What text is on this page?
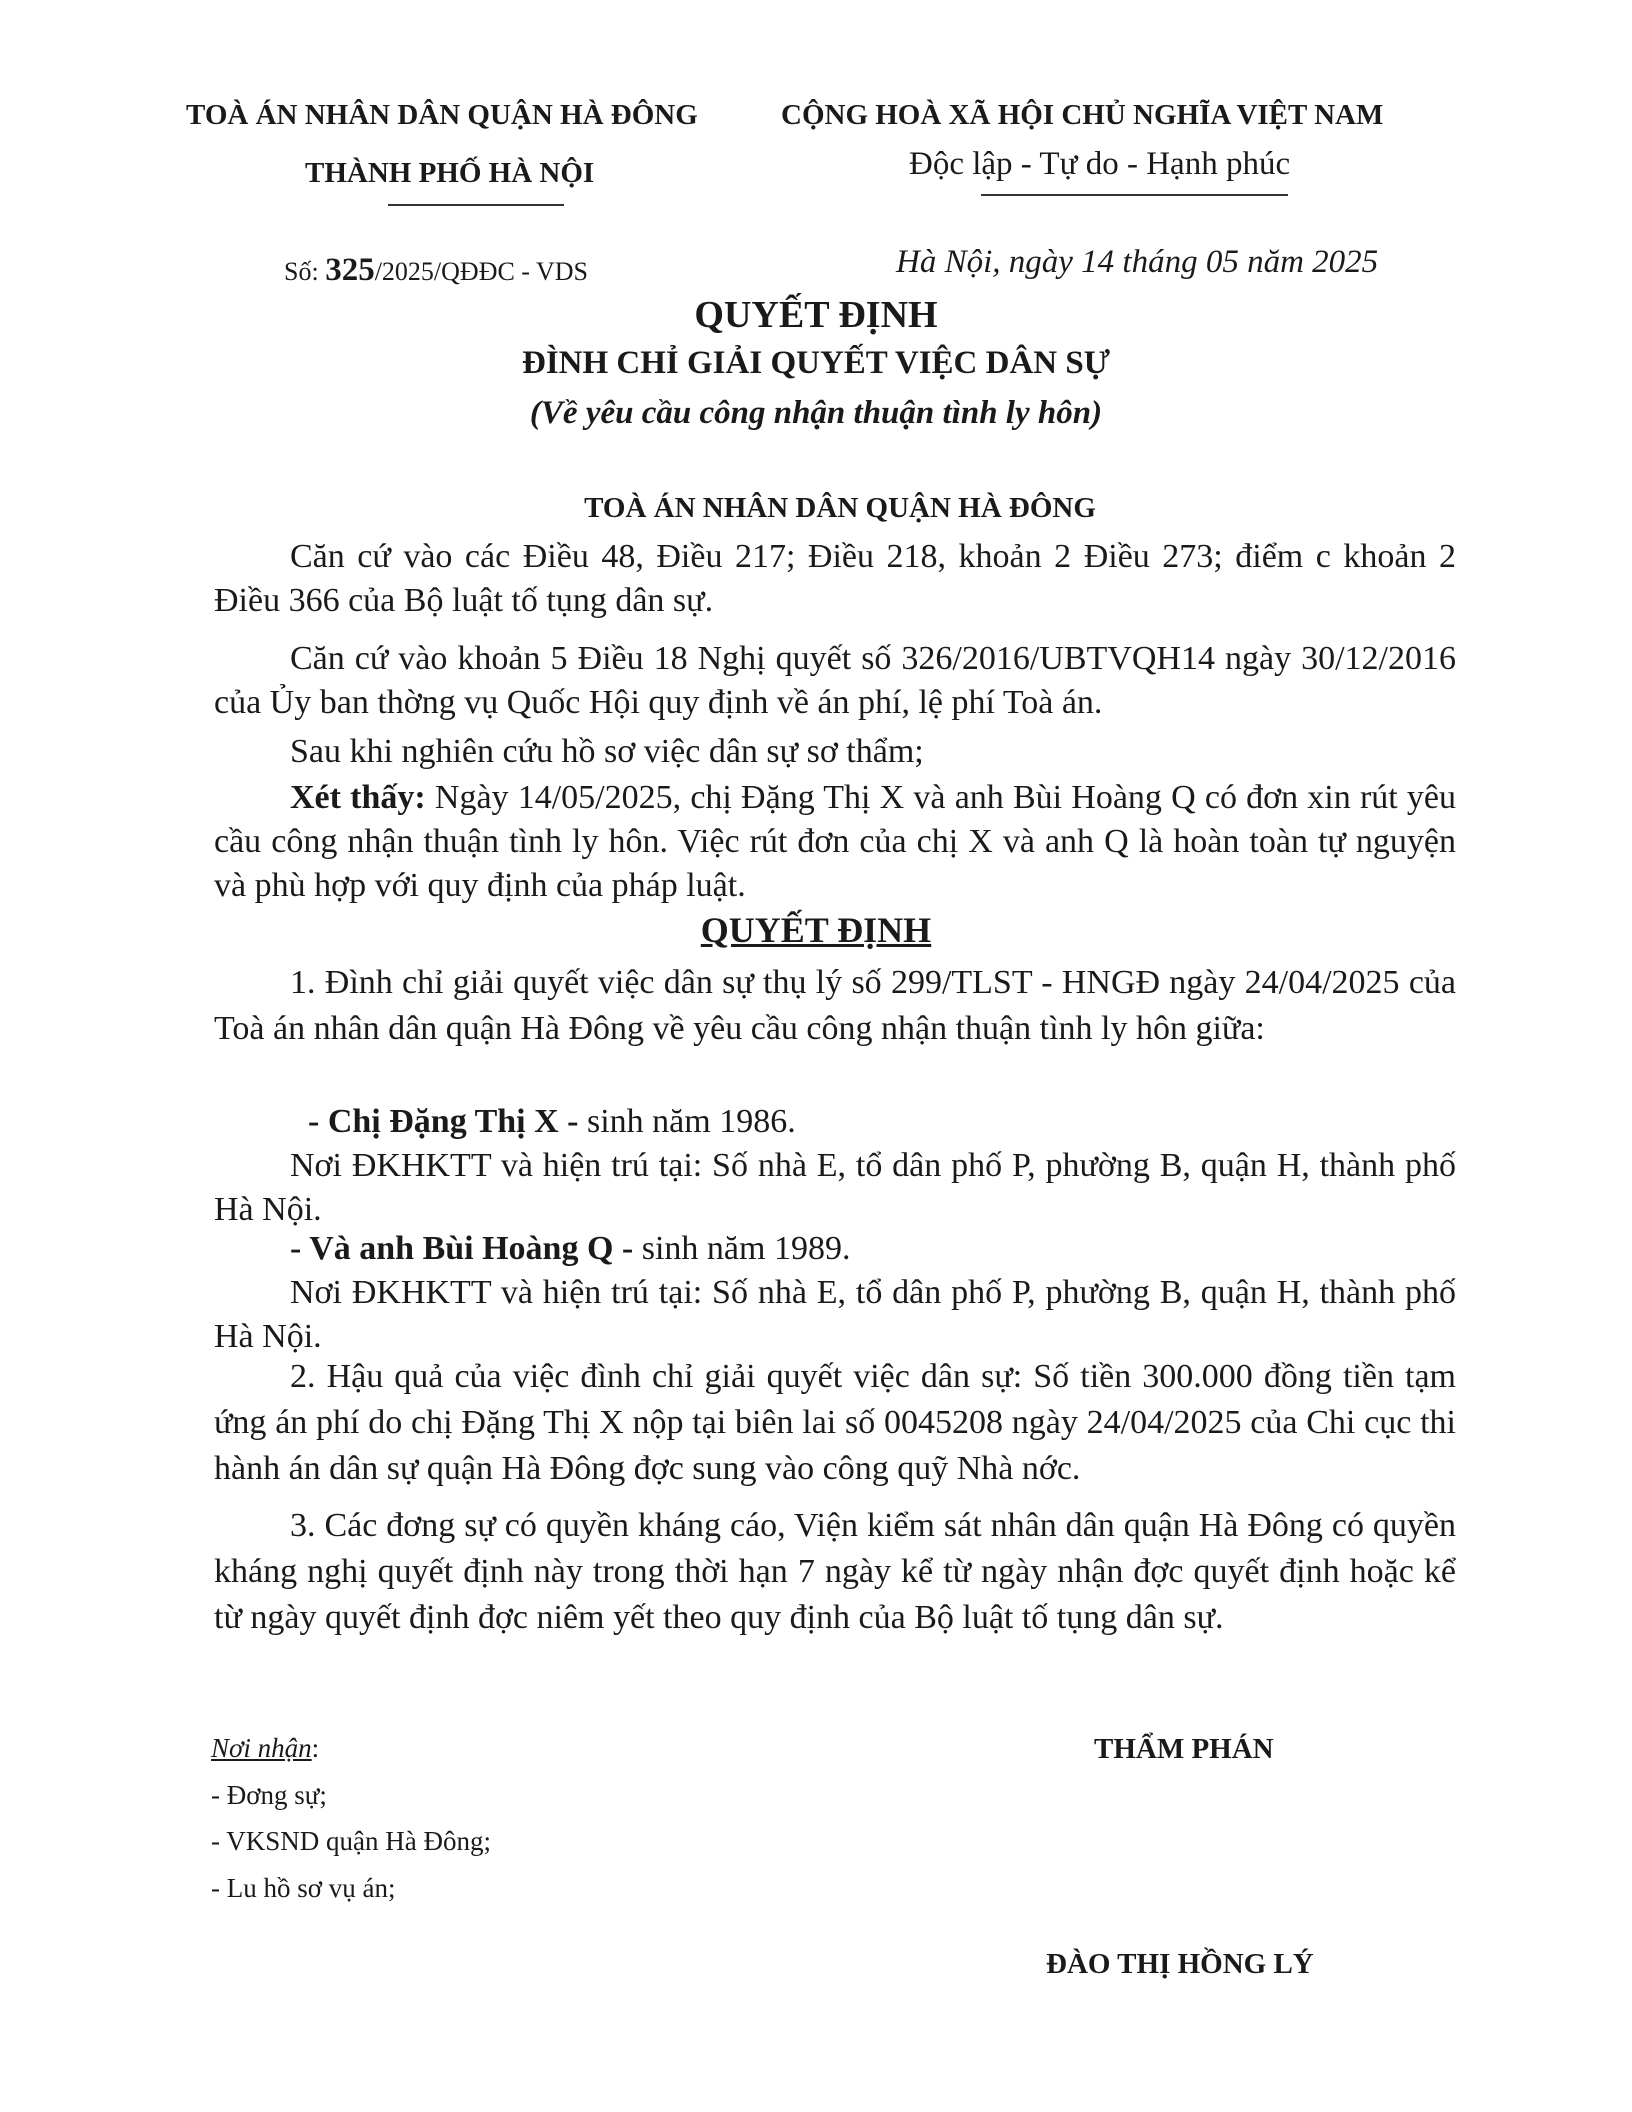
TOÀ ÁN NHÂN DÂN QUẬN HÀ ĐÔNG
THÀNH PHỐ HÀ NỘI
CỘNG HOÀ XÃ HỘI CHỦ NGHĨA VIỆT NAM
Độc lập - Tự do - Hạnh phúc
Số: 325/2025/QĐĐC - VDS	Hà Nội, ngày 14 tháng 05 năm 2025
QUYẾT ĐỊNH
ĐÌNH CHỈ GIẢI QUYẾT VIỆC DÂN SỰ
(Về yêu cầu công nhận thuận tình ly hôn)
TOÀ ÁN NHÂN DÂN QUẬN HÀ ĐÔNG
Căn cứ vào các Điều 48, Điều 217; Điều 218, khoản 2 Điều 273; điểm c khoản 2 Điều 366 của Bộ luật tố tụng dân sự.
Căn cứ vào khoản 5 Điều 18 Nghị quyết số 326/2016/UBTVQH14 ngày 30/12/2016 của Ủy ban thờng vụ Quốc Hội quy định về án phí, lệ phí Toà án.
Sau khi nghiên cứu hồ sơ việc dân sự sơ thẩm;
Xét thấy: Ngày 14/05/2025, chị Đặng Thị X và anh Bùi Hoàng Q có đơn xin rút yêu cầu công nhận thuận tình ly hôn. Việc rút đơn của chị X và anh Q là hoàn toàn tự nguyện và phù hợp với quy định của pháp luật.
QUYẾT ĐỊNH
1. Đình chỉ giải quyết việc dân sự thụ lý số 299/TLST - HNGĐ ngày 24/04/2025 của Toà án nhân dân quận Hà Đông về yêu cầu công nhận thuận tình ly hôn giữa:
- Chị Đặng Thị X - sinh năm 1986.
Nơi ĐKHKTT và hiện trú tại: Số nhà E, tổ dân phố P, phường B, quận H, thành phố Hà Nội.
- Và anh Bùi Hoàng Q - sinh năm 1989.
Nơi ĐKHKTT và hiện trú tại: Số nhà E, tổ dân phố P, phường B, quận H, thành phố Hà Nội.
2. Hậu quả của việc đình chỉ giải quyết việc dân sự: Số tiền 300.000 đồng tiền tạm ứng án phí do chị Đặng Thị X nộp tại biên lai số 0045208 ngày 24/04/2025 của Chi cục thi hành án dân sự quận Hà Đông đợc sung vào công quỹ Nhà nớc.
3. Các đơng sự có quyền kháng cáo, Viện kiểm sát nhân dân quận Hà Đông có quyền kháng nghị quyết định này trong thời hạn 7 ngày kể từ ngày nhận đợc quyết định hoặc kể từ ngày quyết định đợc niêm yết theo quy định của Bộ luật tố tụng dân sự.
Nơi nhận:
- Đơng sự;
- VKSND quận Hà Đông;
- Lu hồ sơ vụ án;
THẨM PHÁN
ĐÀO THỊ HỒNG LÝ
